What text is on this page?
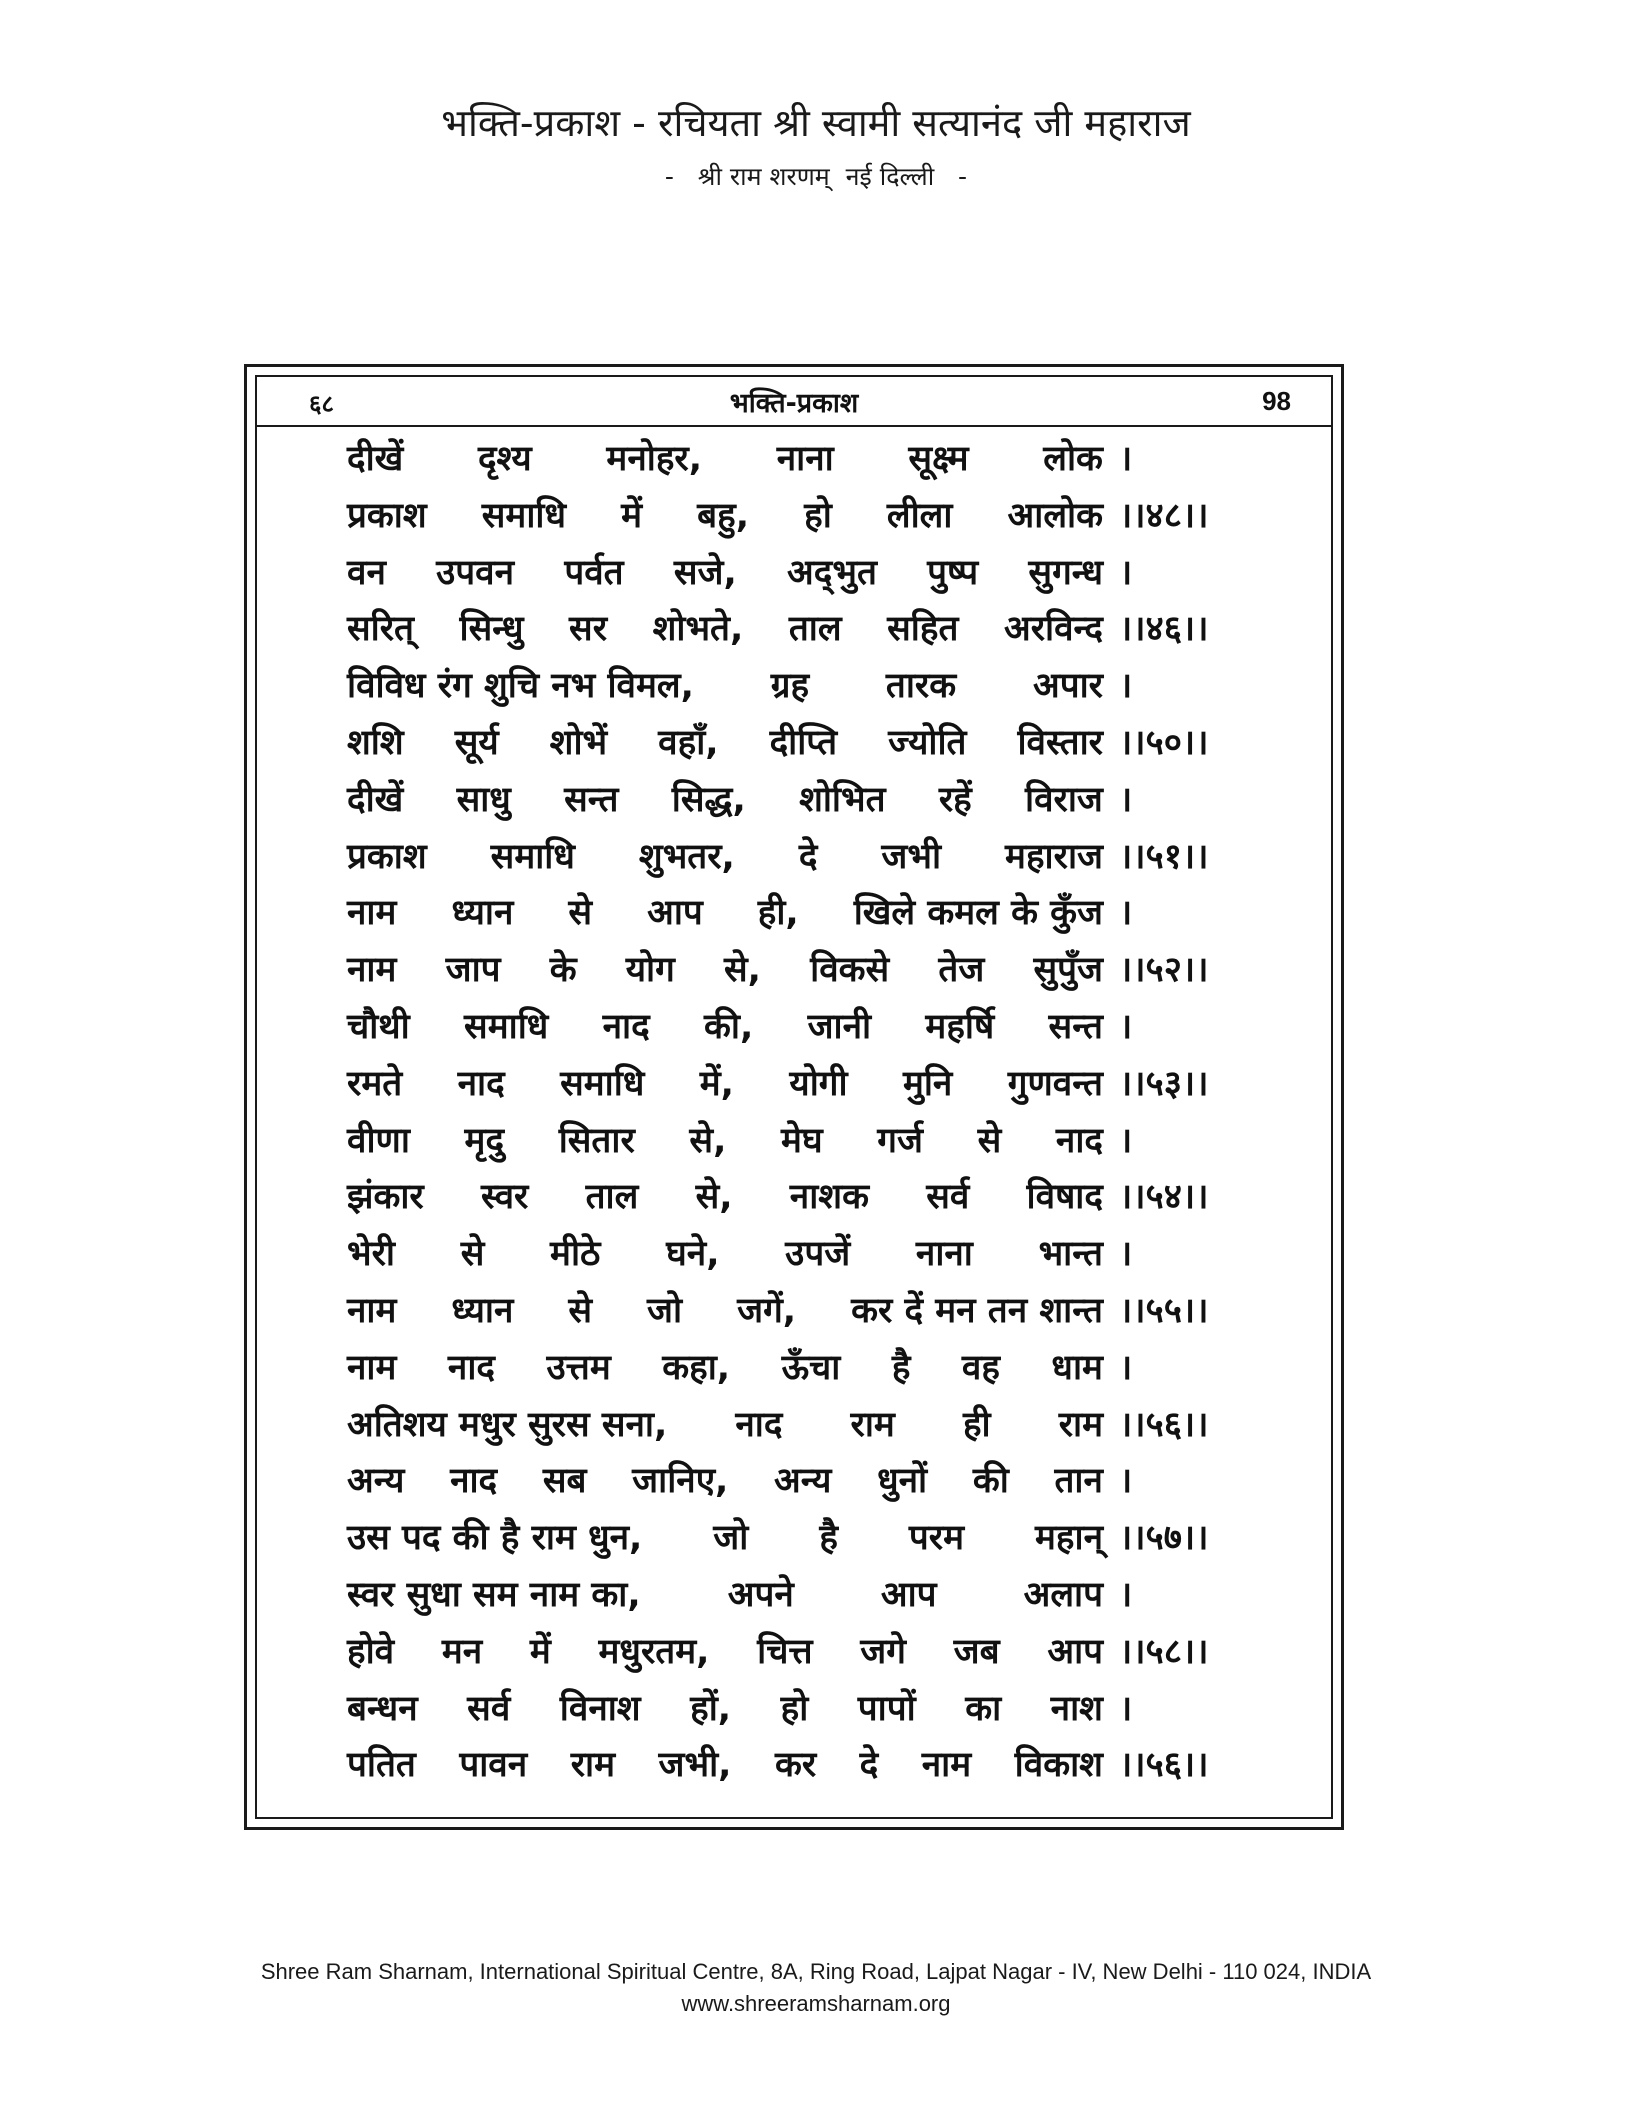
भक्ति-प्रकाश - रचियता श्री स्वामी सत्यानंद जी महाराज
-   श्री राम शरणम्  नई दिल्ली   -
६८	भक्ति-प्रकाश	98
दीखें दृश्य मनोहर, नाना सूक्ष्म लोक ।
प्रकाश समाधि में बहु, हो लीला आलोक ।।४८।।
वन उपवन पर्वत सजे, अद्‌भुत पुष्प सुगन्ध ।
सरित् सिन्धु सर शोभते, ताल सहित अरविन्द ।।४६।।
विविध रंग शुचि नभ विमल, ग्रह तारक अपार ।
शशि सूर्य शोभें वहाँ, दीप्ति ज्योति विस्तार ।।५०।।
दीखें साधु सन्त सिद्ध, शोभित रहें विराज ।
प्रकाश समाधि शुभतर, दे जभी महाराज ।।५१।।
नाम ध्यान से आप ही, खिले कमल के कुँज ।
नाम जाप के योग से, विकसे तेज सुपुँज ।।५२।।
चौथी समाधि नाद की, जानी महर्षि सन्त ।
रमते नाद समाधि में, योगी मुनि गुणवन्त ।।५३।।
वीणा मृदु सितार से, मेघ गर्ज से नाद ।
झंकार स्वर ताल से, नाशक सर्व विषाद ।।५४।।
भेरी से मीठे घने, उपजें नाना भान्त ।
नाम ध्यान से जो जगें, कर दें मन तन शान्त ।।५५।।
नाम नाद उत्तम कहा, ऊँचा है वह धाम ।
अतिशय मधुर सुरस सना, नाद राम ही राम ।।५६।।
अन्य नाद सब जानिए, अन्य धुनों की तान ।
उस पद की है राम धुन, जो है परम महान् ।।५७।।
स्वर सुधा सम नाम का, अपने आप अलाप ।
होवे मन में मधुरतम, चित्त जगे जब आप ।।५८।।
बन्धन सर्व विनाश हों, हो पापों का नाश ।
पतित पावन राम जभी, कर दे नाम विकाश ।।५६।।
Shree Ram Sharnam, International Spiritual Centre, 8A, Ring Road, Lajpat Nagar - IV, New Delhi - 110 024, INDIA
www.shreeramsharnam.org
